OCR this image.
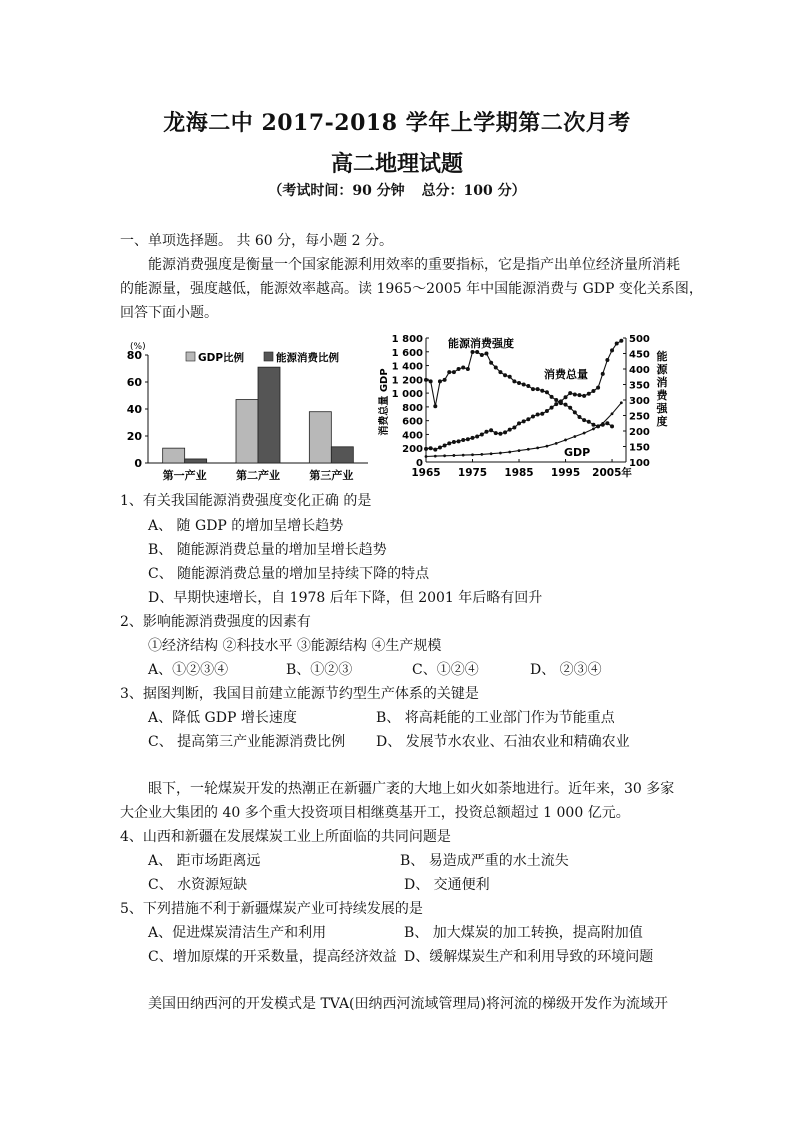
龙海二中 2017-2018 学年上学期第二次月考
高二地理试题
（考试时间：90 分钟 总分：100 分）
一、单项选择题。 共 60 分，每小题 2 分。
能源消费强度是衡量一个国家能源利用效率的重要指标，它是指产出单位经济量所消耗
的能源量，强度越低，能源效率越高。读 1965～2005 年中国能源消费与 GDP 变化关系图，
回答下面小题。
(%)
0
20
40
60
80	GDP比例	能源消费比例
第一产业	第二产业	第三产业
0
200
400
600
800
1 000
1 200
1 400
1 600
1 800
100
150
200
250
300
350
400
450
500
1965 1975 1985 1995 2005年
消费总量 GDP
能源消费强度
能源消费强度
消费总量
GDP
1、有关我国能源消费强度变化正确 的是
A、 随 GDP 的增加呈增长趋势
B、 随能源消费总量的增加呈增长趋势
C、 随能源消费总量的增加呈持续下降的特点
D、早期快速增长，自 1978 后年下降，但 2001 年后略有回升
2、影响能源消费强度的因素有
①经济结构 ②科技水平 ③能源结构 ④生产规模
A、①②③④	B、①②③	C、①②④	D、 ②③④
3、据图判断，我国目前建立能源节约型生产体系的关键是
A、降低 GDP 增长速度	B、 将高耗能的工业部门作为节能重点
C、 提高第三产业能源消费比例 D、 发展节水农业、石油农业和精确农业
眼下，一轮煤炭开发的热潮正在新疆广袤的大地上如火如荼地进行。近年来，30 多家
大企业大集团的 40 多个重大投资项目相继奠基开工，投资总额超过 1 000 亿元。
4、山西和新疆在发展煤炭工业上所面临的共同问题是
A、 距市场距离远	B、 易造成严重的水土流失
C、 水资源短缺	D、 交通便利
5、下列措施不利于新疆煤炭产业可持续发展的是
A、促进煤炭清洁生产和利用	B、 加大煤炭的加工转换，提高附加值
C、增加原煤的开采数量，提高经济效益 D、缓解煤炭生产和利用导致的环境问题
美国田纳西河的开发模式是 TVA(田纳西河流域管理局)将河流的梯级开发作为流域开
